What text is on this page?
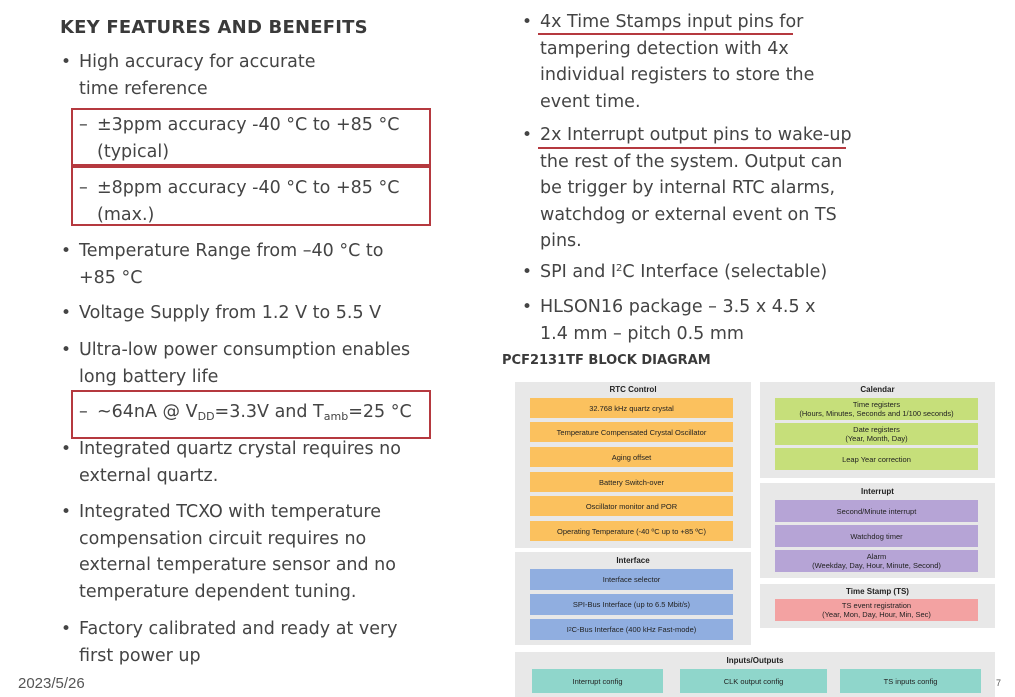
KEY FEATURES AND BENEFITS
• High accuracy for accurate
time reference
– ±3ppm accuracy -40 °C to +85 °C
(typical)
– ±8ppm accuracy -40 °C to +85 °C
(max.)
• Temperature Range from –40 °C to
+85 °C
• Voltage Supply from 1.2 V to 5.5 V
• Ultra-low power consumption enables
long battery life
– ~64nA @ $V_{DD}=3.3V$ and $T_{amb}=25$ °C
• Integrated quartz crystal requires no
external quartz.
• Integrated TCXO with temperature
compensation circuit requires no
external temperature sensor and no
temperature dependent tuning.
• Factory calibrated and ready at very
first power up
• 4x Time Stamps input pins for
tampering detection with 4x
individual registers to store the
event time.
• 2x Interrupt output pins to wake-up
the rest of the system. Output can
be trigger by internal RTC alarms,
watchdog or external event on TS
pins.
• SPI and $I^2C$ Interface (selectable)
• HLSON16 package – 3.5 x 4.5 x
1.4 mm – pitch 0.5 mm
PCF2131TF BLOCK DIAGRAM
RTC Control
32.768 kHz quartz crystal
Temperature Compensated Crystal Oscillator
Aging offset
Battery Switch-over
Oscillator monitor and POR
Operating Temperature (-40 ºC up to +85 ºC)
Calendar
Time registers
(Hours, Minutes, Seconds and 1/100 seconds)
Date registers
(Year, Month, Day)
Leap Year correction
Interrupt
Second/Minute interrupt
Watchdog timer
Alarm
(Weekday, Day, Hour, Minute, Second)
Interface
Interface selector
SPI-Bus Interface (up to 6.5 Mbit/s)
I 2 C-Bus Interface (400 kHz Fast-mode)
Time Stamp (TS)
TS event registration
(Year, Mon, Day, Hour, Min, Sec)
Inputs/Outputs
Interrupt config	CLK output config	TS inputs config
2023/5/26	7
